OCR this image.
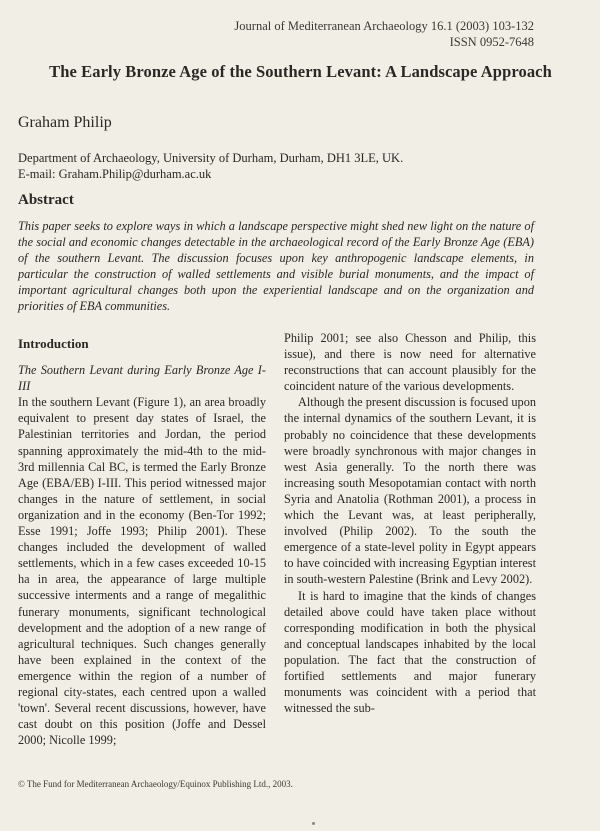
Journal of Mediterranean Archaeology 16.1 (2003) 103-132
ISSN 0952-7648
The Early Bronze Age of the Southern Levant: A Landscape Approach
Graham Philip
Department of Archaeology, University of Durham, Durham, DH1 3LE, UK.
E-mail: Graham.Philip@durham.ac.uk
Abstract
This paper seeks to explore ways in which a landscape perspective might shed new light on the nature of the social and economic changes detectable in the archaeological record of the Early Bronze Age (EBA) of the southern Levant. The discussion focuses upon key anthropogenic landscape elements, in particular the construction of walled settlements and visible burial monuments, and the impact of important agricultural changes both upon the experiential landscape and on the organization and priorities of EBA communities.
Introduction

The Southern Levant during Early Bronze Age I-III

In the southern Levant (Figure 1), an area broadly equivalent to present day states of Israel, the Palestinian territories and Jordan, the period spanning approximately the mid-4th to the mid-3rd millennia Cal BC, is termed the Early Bronze Age (EBA/EB) I-III. This period witnessed major changes in the nature of settlement, in social organization and in the economy (Ben-Tor 1992; Esse 1991; Joffe 1993; Philip 2001). These changes included the development of walled settlements, which in a few cases exceeded 10-15 ha in area, the appearance of large multiple successive interments and a range of megalithic funerary monuments, significant technological development and the adoption of a new range of agricultural techniques. Such changes generally have been explained in the context of the emergence within the region of a number of regional city-states, each centred upon a walled 'town'. Several recent discussions, however, have cast doubt on this position (Joffe and Dessel 2000; Nicolle 1999;

Philip 2001; see also Chesson and Philip, this issue), and there is now need for alternative reconstructions that can account plausibly for the coincident nature of the various developments.

Although the present discussion is focused upon the internal dynamics of the southern Levant, it is probably no coincidence that these developments were broadly synchronous with major changes in west Asia generally. To the north there was increasing south Mesopotamian contact with north Syria and Anatolia (Rothman 2001), a process in which the Levant was, at least peripherally, involved (Philip 2002). To the south the emergence of a state-level polity in Egypt appears to have coincided with increasing Egyptian interest in south-western Palestine (Brink and Levy 2002).

It is hard to imagine that the kinds of changes detailed above could have taken place without corresponding modification in both the physical and conceptual landscapes inhabited by the local population. The fact that the construction of fortified settlements and major funerary monuments was coincident with a period that witnessed the sub-

© The Fund for Mediterranean Archaeology/Equinox Publishing Ltd., 2003.
